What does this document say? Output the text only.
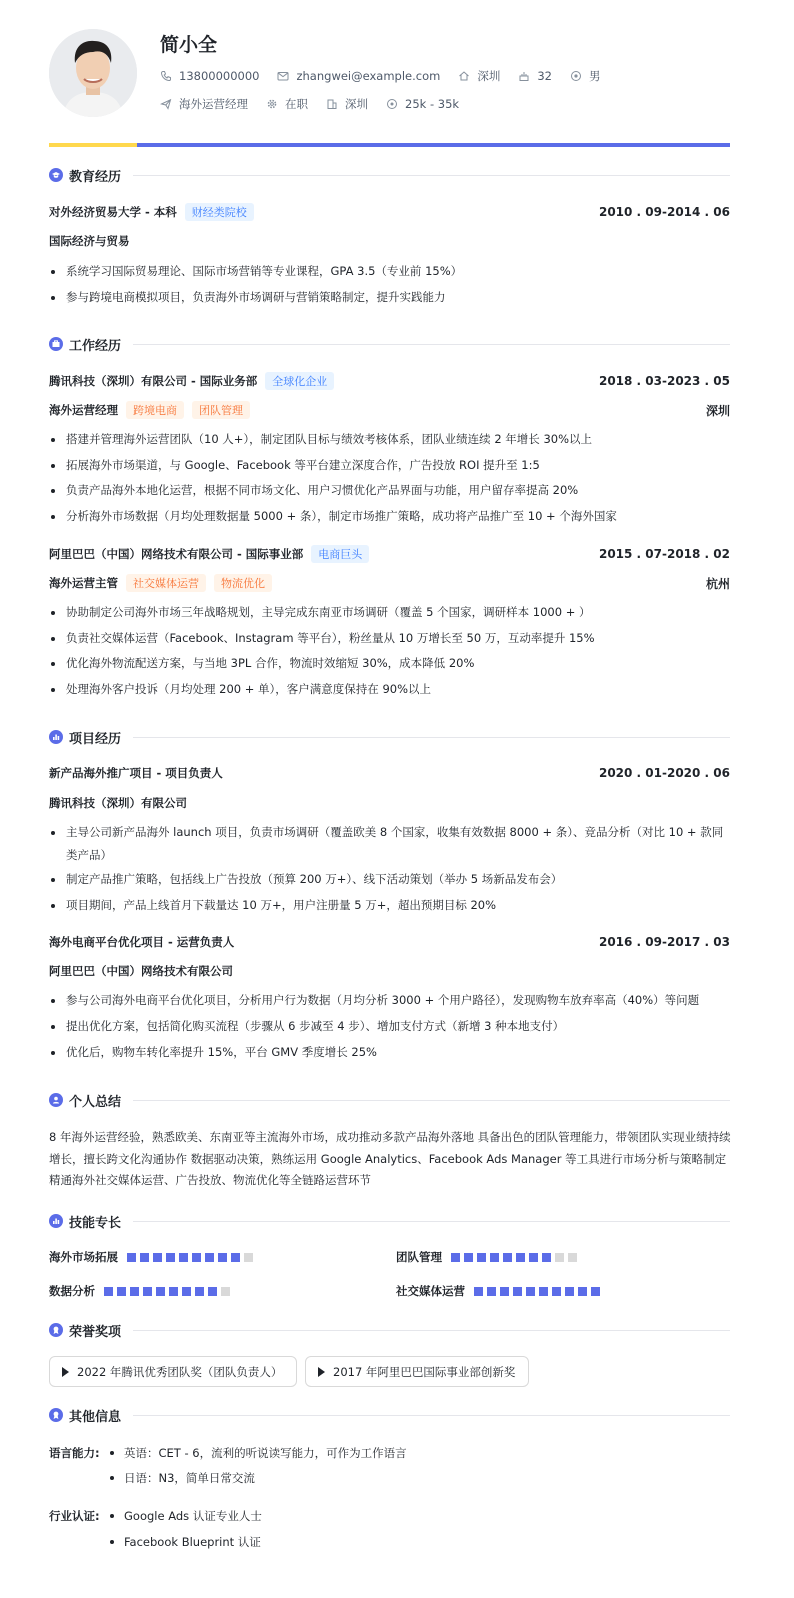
简小全
13800000000	zhangwei@example.com	深圳	32	男
海外运营经理	在职	深圳	25k - 35k
教育经历
对外经济贸易大学 - 本科	财经类院校	2010 . 09-2014 . 06
国际经济与贸易
系统学习国际贸易理论、国际市场营销等专业课程，GPA 3.5（专业前 15%）
参与跨境电商模拟项目，负责海外市场调研与营销策略制定，提升实践能力
工作经历
腾讯科技（深圳）有限公司 - 国际业务部	全球化企业	2018 . 03-2023 . 05
海外运营经理	跨境电商	团队管理	深圳
搭建并管理海外运营团队（10 人+），制定团队目标与绩效考核体系，团队业绩连续 2 年增长 30%以上
拓展海外市场渠道，与 Google、Facebook 等平台建立深度合作，广告投放 ROI 提升至 1:5
负责产品海外本地化运营，根据不同市场文化、用户习惯优化产品界面与功能，用户留存率提高 20%
分析海外市场数据（月均处理数据量 5000 + 条），制定市场推广策略，成功将产品推广至 10 + 个海外国家
阿里巴巴（中国）网络技术有限公司 - 国际事业部	电商巨头	2015 . 07-2018 . 02
海外运营主管	社交媒体运营	物流优化	杭州
协助制定公司海外市场三年战略规划，主导完成东南亚市场调研（覆盖 5 个国家，调研样本 1000 + ）
负责社交媒体运营（Facebook、Instagram 等平台），粉丝量从 10 万增长至 50 万，互动率提升 15%
优化海外物流配送方案，与当地 3PL 合作，物流时效缩短 30%，成本降低 20%
处理海外客户投诉（月均处理 200 + 单），客户满意度保持在 90%以上
项目经历
新产品海外推广项目 - 项目负责人	2020 . 01-2020 . 06
腾讯科技（深圳）有限公司
主导公司新产品海外 launch 项目，负责市场调研（覆盖欧美 8 个国家，收集有效数据 8000 + 条）、竞品分析（对比 10 + 款同类产品）
制定产品推广策略，包括线上广告投放（预算 200 万+）、线下活动策划（举办 5 场新品发布会）
项目期间，产品上线首月下载量达 10 万+，用户注册量 5 万+，超出预期目标 20%
海外电商平台优化项目 - 运营负责人	2016 . 09-2017 . 03
阿里巴巴（中国）网络技术有限公司
参与公司海外电商平台优化项目，分析用户行为数据（月均分析 3000 + 个用户路径），发现购物车放弃率高（40%）等问题
提出优化方案，包括简化购买流程（步骤从 6 步减至 4 步）、增加支付方式（新增 3 种本地支付）
优化后，购物车转化率提升 15%，平台 GMV 季度增长 25%
个人总结
8 年海外运营经验，熟悉欧美、东南亚等主流海外市场，成功推动多款产品海外落地 具备出色的团队管理能力，带领团队实现业绩持续增长，擅长跨文化沟通协作 数据驱动决策，熟练运用 Google Analytics、Facebook Ads Manager 等工具进行市场分析与策略制定 精通海外社交媒体运营、广告投放、物流优化等全链路运营环节
技能专长
海外市场拓展	团队管理
数据分析	社交媒体运营
荣誉奖项
2022 年腾讯优秀团队奖（团队负责人）	2017 年阿里巴巴国际事业部创新奖
其他信息
语言能力: 英语：CET - 6，流利的听说读写能力，可作为工作语言
日语：N3，简单日常交流
行业认证: Google Ads 认证专业人士
Facebook Blueprint 认证
